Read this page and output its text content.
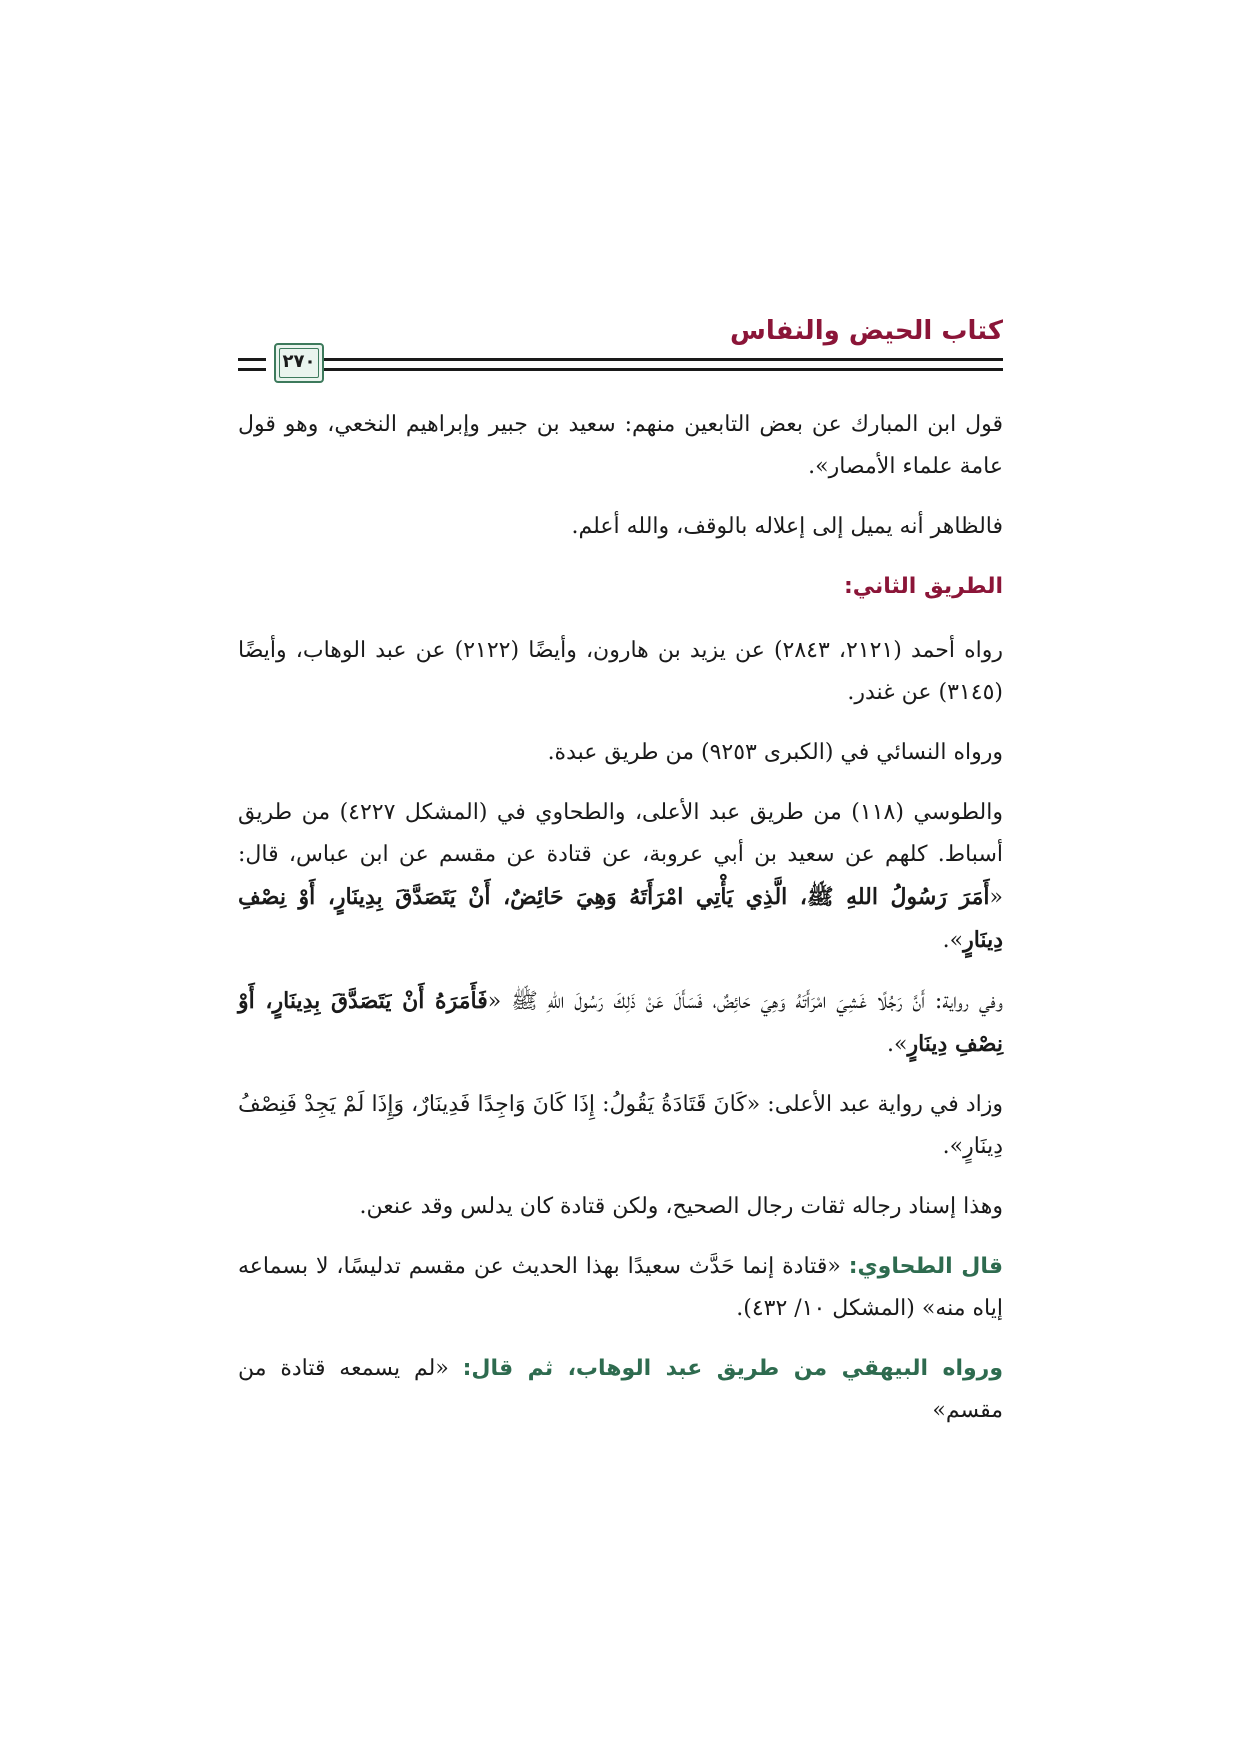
كتاب الحيض والنفاس
٢٧٠

قول ابن المبارك عن بعض التابعين منهم: سعيد بن جبير وإبراهيم النخعي، وهو قول عامة علماء الأمصار».

فالظاهر أنه يميل إلى إعلاله بالوقف، والله أعلم.

الطريق الثاني:

رواه أحمد (٢١٢١، ٢٨٤٣) عن يزيد بن هارون، وأيضًا (٢١٢٢) عن عبد الوهاب، وأيضًا (٣١٤٥) عن غندر.

ورواه النسائي في (الكبرى ٩٢٥٣) من طريق عبدة.

والطوسي (١١٨) من طريق عبد الأعلى، والطحاوي في (المشكل ٤٢٢٧) من طريق أسباط. كلهم عن سعيد بن أبي عروبة، عن قتادة عن مقسم عن ابن عباس، قال: «أَمَرَ رَسُولُ اللهِ ﷺ، الَّذِي يَأْتِي امْرَأَتَهُ وَهِيَ حَائِضٌ، أَنْ يَتَصَدَّقَ بِدِينَارٍ، أَوْ نِصْفِ دِينَارٍ».

وفي رواية: أَنَّ رَجُلًا غَشِيَ امْرَأَتَهُ وَهِيَ حَائِضٌ، فَسَأَلَ عَنْ ذَلِكَ رَسُولَ اللهِ ﷺ «فَأَمَرَهُ أَنْ يَتَصَدَّقَ بِدِينَارٍ، أَوْ نِصْفِ دِينَارٍ».

وزاد في رواية عبد الأعلى: «كَانَ قَتَادَةُ يَقُولُ: إِذَا كَانَ وَاجِدًا فَدِينَارٌ، وَإِذَا لَمْ يَجِدْ فَنِصْفُ دِينَارٍ».

وهذا إسناد رجاله ثقات رجال الصحيح، ولكن قتادة كان يدلس وقد عنعن.

قال الطحاوي: «قتادة إنما حَدَّث سعيدًا بهذا الحديث عن مقسم تدليسًا، لا بسماعه إياه منه» (المشكل ١٠/ ٤٣٢).

ورواه البيهقي من طريق عبد الوهاب، ثم قال: «لم يسمعه قتادة من مقسم»
